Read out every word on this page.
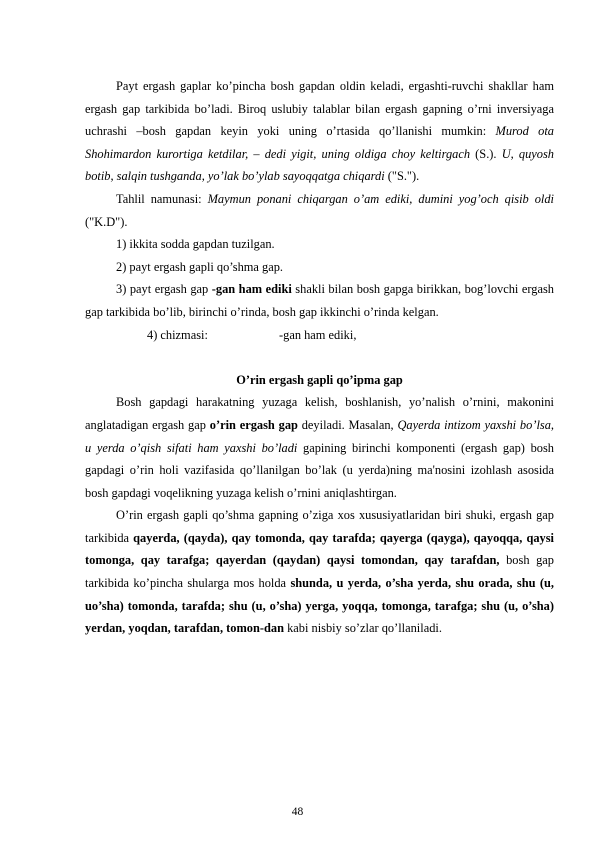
Payt ergash gaplar ko’pincha bosh gapdan oldin keladi, ergashti-ruvchi shakllar ham ergash gap tarkibida bo’ladi. Biroq uslubiy talablar bilan ergash gapning o’rni inversiyaga uchrashi –bosh gapdan keyin yoki uning o’rtasida qo’llanishi mumkin: Murod ota Shohimardon kurortiga ketdilar, – dedi yigit, uning oldiga choy keltirgach (S.). U, quyosh botib, salqin tushganda, yo’lak bo’ylab sayoqqatga chiqardi ("S.").

Tahlil namunasi: Maymun ponani chiqargan o’am ediki, dumini yog’och qisib oldi ("K.D").

1) ikkita sodda gapdan tuzilgan.
2) payt ergash gapli qo’shma gap.

3) payt ergash gap -gan ham ediki shakli bilan bosh gapga birikkan, bog’lovchi ergash gap tarkibida bo’lib, birinchi o’rinda, bosh gap ikkinchi o’rinda kelgan.

4) chizmasi:	-gan ham ediki,

O’rin ergash gapli qo’ipma gap

Bosh gapdagi harakatning yuzaga kelish, boshlanish, yo’nalish o’rnini, makonini anglatadigan ergash gap o’rin ergash gap deyiladi. Masalan, Qayerda intizom yaxshi bo’lsa, u yerda o’qish sifati ham yaxshi bo’ladi gapining birinchi komponenti (ergash gap) bosh gapdagi o’rin holi vazifasida qo’llanilgan bo’lak (u yerda)ning ma'nosini izohlash asosida bosh gapdagi voqelikning yuzaga kelish o’rnini aniqlashtirgan.

O’rin ergash gapli qo’shma gapning o’ziga xos xususiyatlaridan biri shuki, ergash gap tarkibida qayerda, (qayda), qay tomonda, qay tarafda; qayerga (qayga), qayoqqa, qaysi tomonga, qay tarafga; qayerdan (qaydan) qaysi tomondan, qay tarafdan, bosh gap tarkibida ko’pincha shularga mos holda shunda, u yerda, o’sha yerda, shu orada, shu (u, uo’sha) tomonda, tarafda; shu (u, o’sha) yerga, yoqqa, tomonga, tarafga; shu (u, o’sha) yerdan, yoqdan, tarafdan, tomon-dan kabi nisbiy so’zlar qo’llaniladi.

48
